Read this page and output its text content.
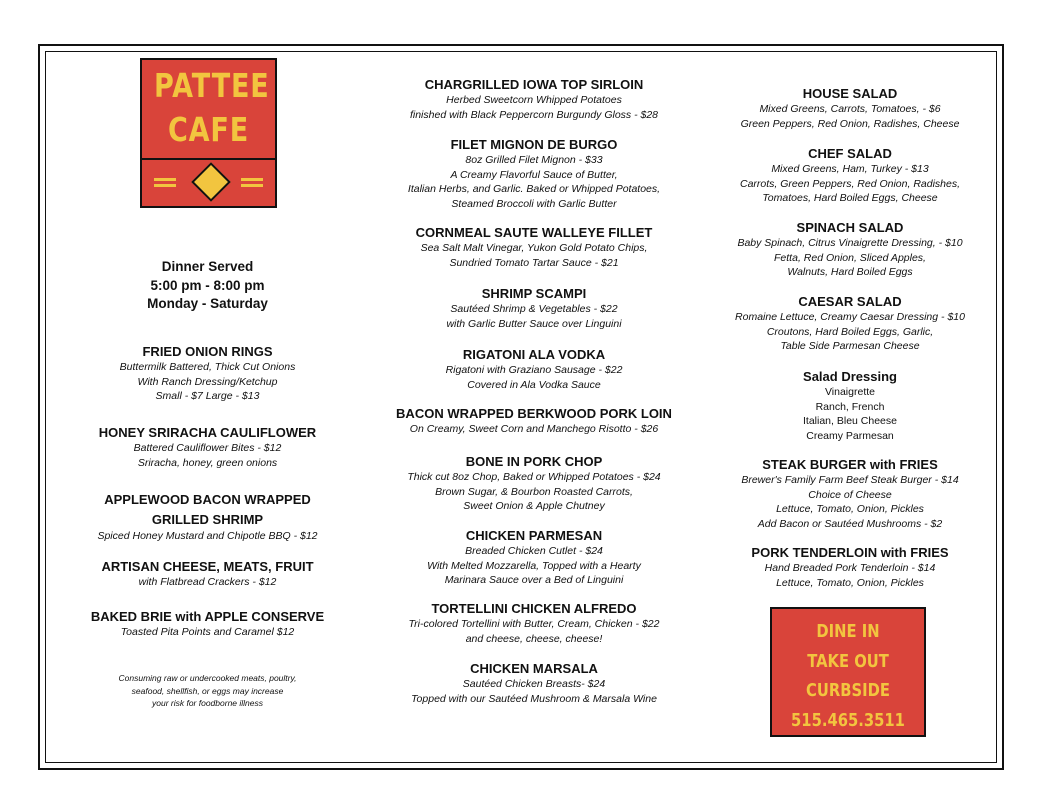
PATTEE
CAFE
Dinner Served
5:00 pm - 8:00 pm
Monday - Saturday
FRIED ONION RINGS
Buttermilk Battered, Thick Cut Onions
With Ranch Dressing/Ketchup
Small - $7 Large - $13
HONEY SRIRACHA CAULIFLOWER
Battered Cauliflower Bites - $12
Sriracha, honey, green onions
APPLEWOOD BACON WRAPPED
GRILLED SHRIMP
Spiced Honey Mustard and Chipotle BBQ - $12
ARTISAN CHEESE, MEATS, FRUIT
with Flatbread Crackers - $12
BAKED BRIE with APPLE CONSERVE
Toasted Pita Points and Caramel $12
Consuming raw or undercooked meats, poultry,
seafood, shellfish, or eggs may increase
your risk for foodborne illness
CHARGRILLED IOWA TOP SIRLOIN
Herbed Sweetcorn Whipped Potatoes
finished with Black Peppercorn Burgundy Gloss - $28
FILET MIGNON DE BURGO
8oz Grilled Filet Mignon - $33
A Creamy Flavorful Sauce of Butter,
Italian Herbs, and Garlic. Baked or Whipped Potatoes,
Steamed Broccoli with Garlic Butter
CORNMEAL SAUTE WALLEYE FILLET
Sea Salt Malt Vinegar, Yukon Gold Potato Chips,
Sundried Tomato Tartar Sauce - $21
SHRIMP SCAMPI
Sautéed Shrimp & Vegetables - $22
with Garlic Butter Sauce over Linguini
RIGATONI ALA VODKA
Rigatoni with Graziano Sausage - $22
Covered in Ala Vodka Sauce
BACON WRAPPED BERKWOOD PORK LOIN
On Creamy, Sweet Corn and Manchego Risotto - $26
BONE IN PORK CHOP
Thick cut 8oz Chop, Baked or Whipped Potatoes - $24
Brown Sugar, & Bourbon Roasted Carrots,
Sweet Onion & Apple Chutney
CHICKEN PARMESAN
Breaded Chicken Cutlet - $24
With Melted Mozzarella, Topped with a Hearty
Marinara Sauce over a Bed of Linguini
TORTELLINI CHICKEN ALFREDO
Tri-colored Tortellini with Butter, Cream, Chicken - $22
and cheese, cheese, cheese!
CHICKEN MARSALA
Sautéed Chicken Breasts- $24
Topped with our Sautéed Mushroom & Marsala Wine
HOUSE SALAD
Mixed Greens, Carrots, Tomatoes, - $6
Green Peppers, Red Onion, Radishes, Cheese
CHEF SALAD
Mixed Greens, Ham, Turkey - $13
Carrots, Green Peppers, Red Onion, Radishes,
Tomatoes, Hard Boiled Eggs, Cheese
SPINACH SALAD
Baby Spinach, Citrus Vinaigrette Dressing, - $10
Fetta, Red Onion, Sliced Apples,
Walnuts, Hard Boiled Eggs
CAESAR SALAD
Romaine Lettuce, Creamy Caesar Dressing - $10
Croutons, Hard Boiled Eggs, Garlic,
Table Side Parmesan Cheese
Salad Dressing
Vinaigrette
Ranch, French
Italian, Bleu Cheese
Creamy Parmesan
STEAK BURGER with FRIES
Brewer's Family Farm Beef Steak Burger - $14
Choice of Cheese
Lettuce, Tomato, Onion, Pickles
Add Bacon or Sautéed Mushrooms - $2
PORK TENDERLOIN with FRIES
Hand Breaded Pork Tenderloin - $14
Lettuce, Tomato, Onion, Pickles
DINE IN
TAKE OUT
CURBSIDE
515.465.3511
